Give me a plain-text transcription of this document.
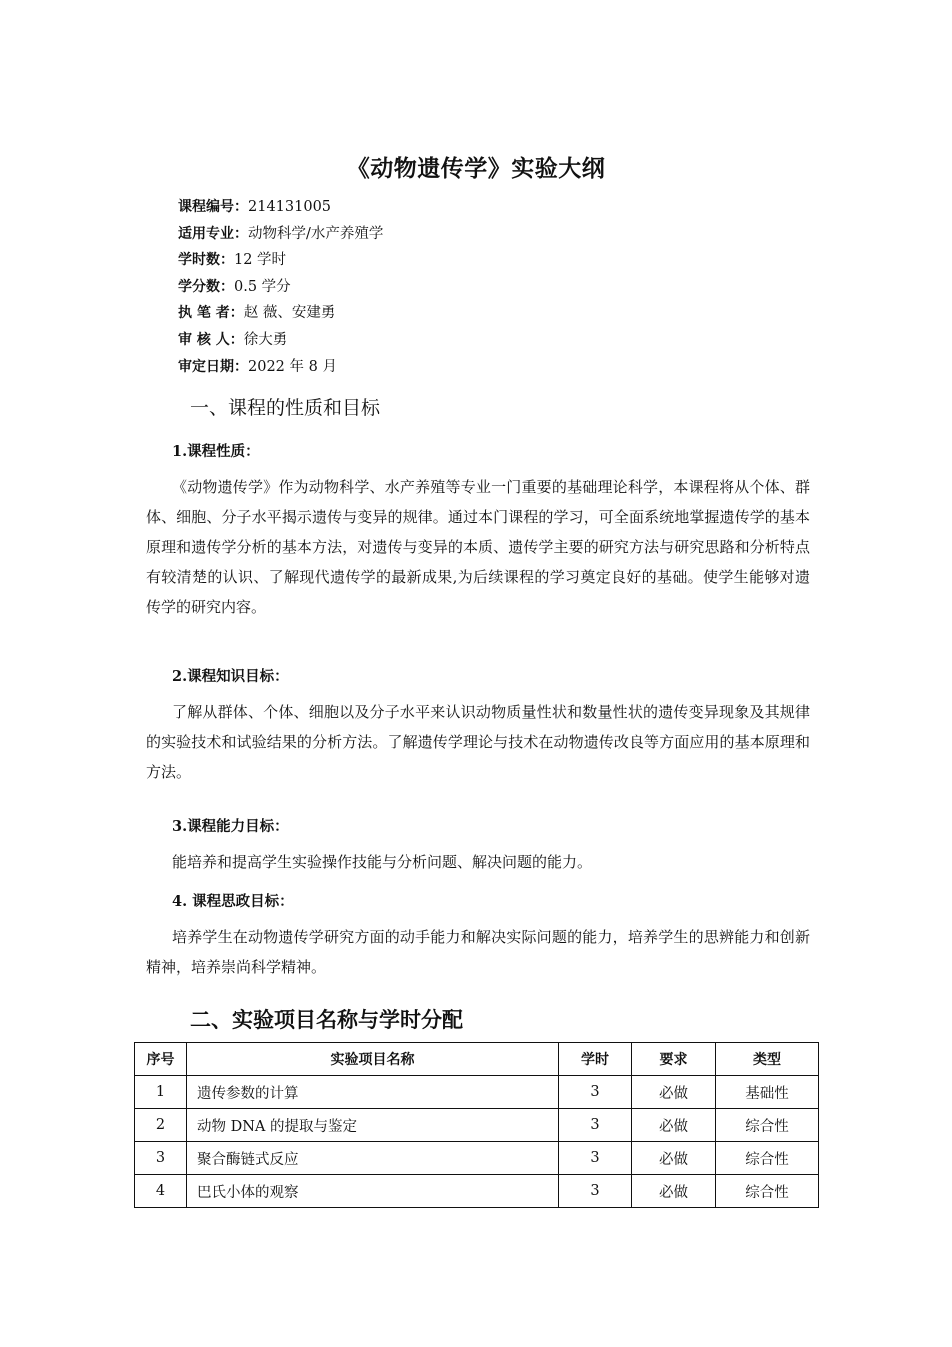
《动物遗传学》实验大纲
课程编号：214131005
适用专业：动物科学/水产养殖学
学时数：12 学时
学分数：0.5 学分
执 笔 者：赵 薇、安建勇
审 核 人：徐大勇
审定日期：2022 年 8 月
一、课程的性质和目标
1.课程性质：

《动物遗传学》作为动物科学、水产养殖等专业一门重要的基础理论科学，本课程将从个体、群体、细胞、分子水平揭示遗传与变异的规律。通过本门课程的学习，可全面系统地掌握遗传学的基本原理和遗传学分析的基本方法，对遗传与变异的本质、遗传学主要的研究方法与研究思路和分析特点有较清楚的认识、了解现代遗传学的最新成果,为后续课程的学习奠定良好的基础。使学生能够对遗传学的研究内容。

2.课程知识目标：

了解从群体、个体、细胞以及分子水平来认识动物质量性状和数量性状的遗传变异现象及其规律的实验技术和试验结果的分析方法。了解遗传学理论与技术在动物遗传改良等方面应用的基本原理和方法。

3.课程能力目标：

能培养和提高学生实验操作技能与分析问题、解决问题的能力。

4. 课程思政目标：

培养学生在动物遗传学研究方面的动手能力和解决实际问题的能力，培养学生的思辨能力和创新精神，培养崇尚科学精神。

二、实验项目名称与学时分配
序号	实验项目名称	学时	要求	类型
1	遗传参数的计算	3	必做	基础性
2	动物 DNA 的提取与鉴定	3	必做	综合性
3	聚合酶链式反应	3	必做	综合性
4	巴氏小体的观察	3	必做	综合性
